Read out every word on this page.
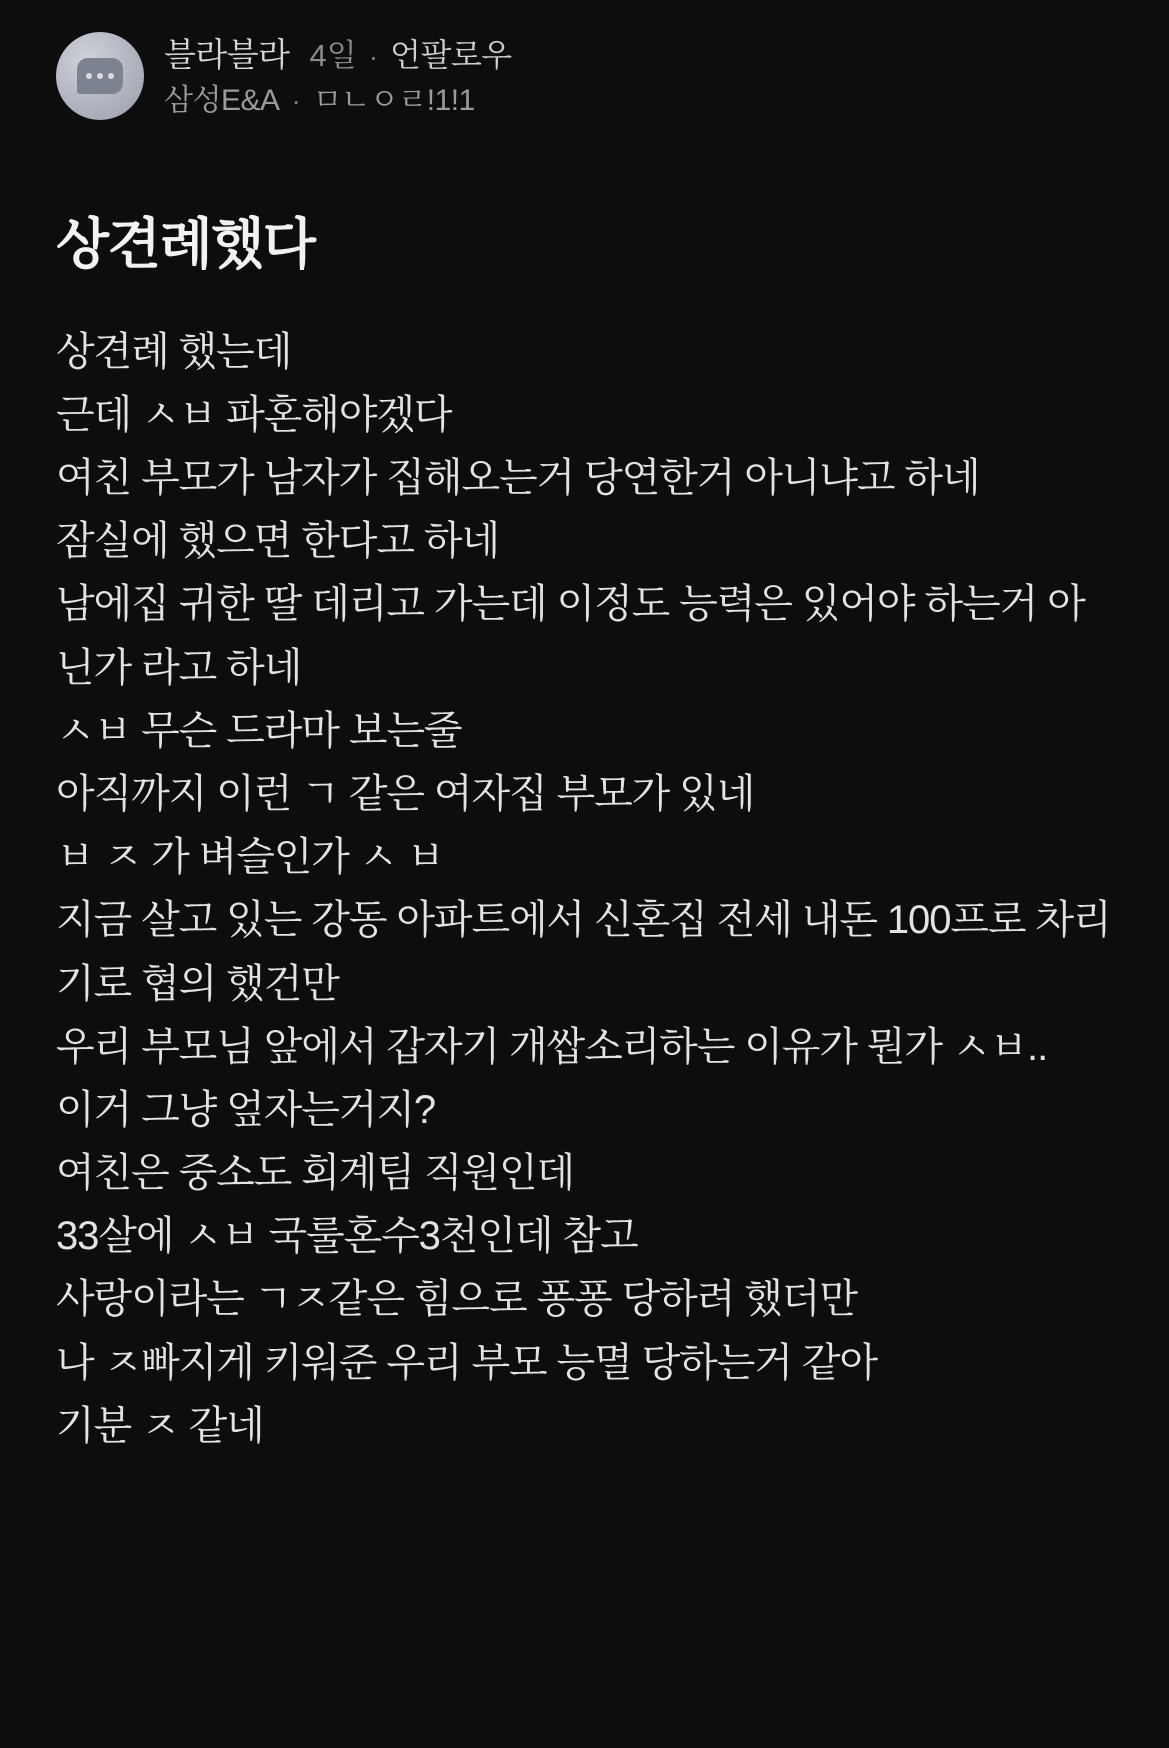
블라블라 4일 · 언팔로우
삼성E&A · ㅁㄴㅇㄹ!1!1
상견례했다

상견례 했는데

근데 ㅅㅂ 파혼해야겠다

여친 부모가 남자가 집해오는거 당연한거 아니냐고 하네

잠실에 했으면 한다고 하네

남에집 귀한 딸 데리고 가는데 이정도 능력은 있어야 하는거 아닌가 라고 하네

ㅅㅂ 무슨 드라마 보는줄

아직까지 이런 ㄱ 같은 여자집 부모가 있네

ㅂ ㅈ 가 벼슬인가 ㅅ ㅂ

지금 살고 있는 강동 아파트에서 신혼집 전세 내돈 100프로 차리기로 협의 했건만

우리 부모님 앞에서 갑자기 개쌉소리하는 이유가 뭔가 ㅅㅂ..

이거 그냥 엎자는거지?

여친은 중소도 회계팀 직원인데

33살에 ㅅㅂ 국룰혼수3천인데 참고

사랑이라는 ㄱㅈ같은 힘으로 퐁퐁 당하려 했더만

나 ㅈ빠지게 키워준 우리 부모 능멸 당하는거 같아

기분 ㅈ 같네
